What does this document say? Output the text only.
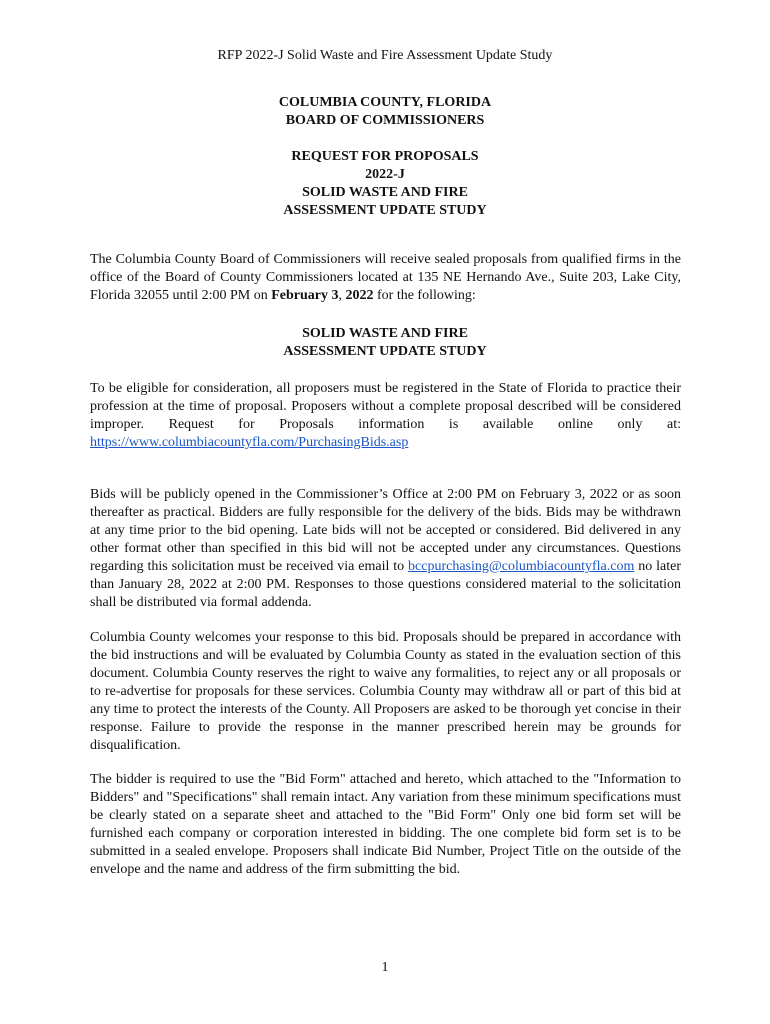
RFP 2022-J Solid Waste and Fire Assessment Update Study
COLUMBIA COUNTY, FLORIDA
BOARD OF COMMISSIONERS
REQUEST FOR PROPOSALS
2022-J
SOLID WASTE AND FIRE
ASSESSMENT UPDATE STUDY
The Columbia County Board of Commissioners will receive sealed proposals from qualified firms in the office of the Board of County Commissioners located at 135 NE Hernando Ave., Suite 203, Lake City, Florida 32055 until 2:00 PM on February 3, 2022 for the following:
SOLID WASTE AND FIRE
ASSESSMENT UPDATE STUDY
To be eligible for consideration, all proposers must be registered in the State of Florida to practice their profession at the time of proposal. Proposers without a complete proposal described will be considered improper. Request for Proposals information is available online only at: https://www.columbiacountyfla.com/PurchasingBids.asp
Bids will be publicly opened in the Commissioner’s Office at 2:00 PM on February 3, 2022 or as soon thereafter as practical. Bidders are fully responsible for the delivery of the bids. Bids may be withdrawn at any time prior to the bid opening. Late bids will not be accepted or considered. Bid delivered in any other format other than specified in this bid will not be accepted under any circumstances. Questions regarding this solicitation must be received via email to bccpurchasing@columbiacountyfla.com no later than January 28, 2022 at 2:00 PM. Responses to those questions considered material to the solicitation shall be distributed via formal addenda.
Columbia County welcomes your response to this bid. Proposals should be prepared in accordance with the bid instructions and will be evaluated by Columbia County as stated in the evaluation section of this document. Columbia County reserves the right to waive any formalities, to reject any or all proposals or to re-advertise for proposals for these services. Columbia County may withdraw all or part of this bid at any time to protect the interests of the County. All Proposers are asked to be thorough yet concise in their response. Failure to provide the response in the manner prescribed herein may be grounds for disqualification.
The bidder is required to use the "Bid Form" attached and hereto, which attached to the "Information to Bidders" and "Specifications" shall remain intact. Any variation from these minimum specifications must be clearly stated on a separate sheet and attached to the "Bid Form" Only one bid form set will be furnished each company or corporation interested in bidding. The one complete bid form set is to be submitted in a sealed envelope. Proposers shall indicate Bid Number, Project Title on the outside of the envelope and the name and address of the firm submitting the bid.
1
